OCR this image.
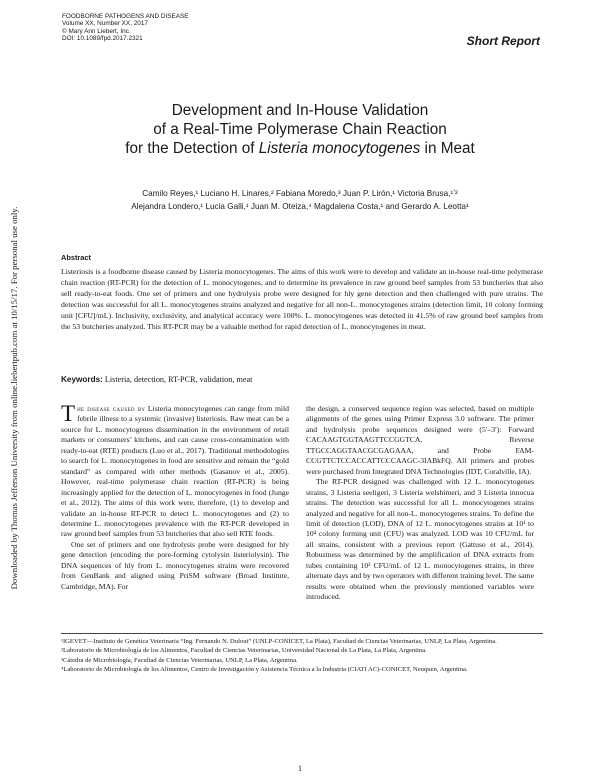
FOODBORNE PATHOGENS AND DISEASE
Volume XX, Number XX, 2017
© Mary Ann Liebert, Inc.
DOI: 10.1089/fpd.2017.2321	Short Report
Development and In-House Validation
of a Real-Time Polymerase Chain Reaction
for the Detection of Listeria monocytogenes in Meat
Camilo Reyes,¹ Luciano H. Linares,² Fabiana Moredo,³ Juan P. Lirón,¹ Victoria Brusa,¹ʼ²
Alejandra Londero,¹ Lucia Galli,¹ Juan M. Oteiza,⁴ Magdalena Costa,¹ and Gerardo A. Leotta¹
Downloaded by Thomas Jefferson University from online.liebertpub.com at 10/15/17. For personal use only.	Abstract
Listeriosis is a foodborne disease caused by Listeria monocytogenes. The aims of this work were to develop and validate an in-house real-time polymerase chain reaction (RT-PCR) for the detection of L. monocytogenes, and to determine its prevalence in raw ground beef samples from 53 butcheries that also sell ready-to-eat foods. One set of primers and one hydrolysis probe were designed for hly gene detection and then challenged with pure strains. The detection was successful for all L. monocytogenes strains analyzed and negative for all non-L. monocytogenes strains (detection limit, 10 colony forming unit [CFU]/mL). Inclusivity, exclusivity, and analytical accuracy were 100%. L. monocytogenes was detected in 41.5% of raw ground beef samples from the 53 butcheries analyzed. This RT-PCR may be a valuable method for rapid detection of L. monocytogenes in meat.
Keywords: Listeria, detection, RT-PCR, validation, meat

The disease caused by Listeria monocytogenes can range from mild febrile illness to a systemic (invasive) listeriosis. Raw meat can be a source for L. monocytogenes dissemination in the environment of retail markets or consumers’ kitchens, and can cause cross-contamination with ready-to-eat (RTE) products (Luo et al., 2017). Traditional methodologies to search for L. monocytogenes in food are sensitive and remain the “gold standard” as compared with other methods (Gasanov et al., 2005). However, real-time polymerase chain reaction (RT-PCR) is being increasingly applied for the detection of L. monocytogenes in food (Junge et al., 2012). The aims of this work were, therefore, (1) to develop and validate an in-house RT-PCR to detect L. monocytogenes and (2) to determine L. monocytogenes prevalence with the RT-PCR developed in raw ground beef samples from 53 butcheries that also sell RTE foods.

One set of primers and one hydrolysis probe were designed for hly gene detection (encoding the pore-forming cytolysin listeriolysin). The DNA sequences of hly from L. monocytogenes strains were recovered from GenBank and aligned using PriSM software (Broad Institute, Cambridge, MA). For

the design, a conserved sequence region was selected, based on multiple alignments of the genes using Primer Express 3.0 software. The primer and hydrolysis probe sequences designed were (5′–3′): Forward CACAAGTGGTAAGTTCCGGTCA, Reverse TTGCCAGGTAACGCGAGAAA, and Probe FAM-CCGTTCTCCACCATTCCCAAGC-3IABkFQ. All primers and probes were purchased from Integrated DNA Technologies (IDT, Coralville, IA).

The RT-PCR designed was challenged with 12 L. monocytogenes strains, 3 Listeria seeligeri, 3 Listeria welshimeri, and 3 Listeria innocua strains. The detection was successful for all L. monocytogenes strains analyzed and negative for all non-L. monocytogenes strains. To define the limit of detection (LOD), DNA of 12 L. monocytogenes strains at 10¹ to 10⁴ colony forming unit (CFU) was analyzed. LOD was 10 CFU/mL for all strains, consistent with a previous report (Gattuso et al., 2014). Robustness was determined by the amplification of DNA extracts from tubes containing 10² CFU/mL of 12 L. monocytogenes strains, in three alternate days and by two operators with different training level. The same results were obtained when the previously mentioned variables were introduced.

¹IGEVET—Instituto de Genética Veterinaria “Ing. Fernando N. Dulout” (UNLP-CONICET, La Plata), Facultad de Ciencias Veterinarias, UNLP, La Plata, Argentina.

²Laboratorio de Microbiología de los Alimentos, Facultad de Ciencias Veterinarias, Universidad Nacional de La Plata, La Plata, Argentina.

³Cátedra de Microbiología, Facultad de Ciencias Veterinarias, UNLP, La Plata, Argentina.

⁴Laboratorio de Microbiología de los Alimentos, Centro de Investigación y Asistencia Técnica a la Industria (CIATI AC)-CONICET, Neuquen, Argentina.

1
